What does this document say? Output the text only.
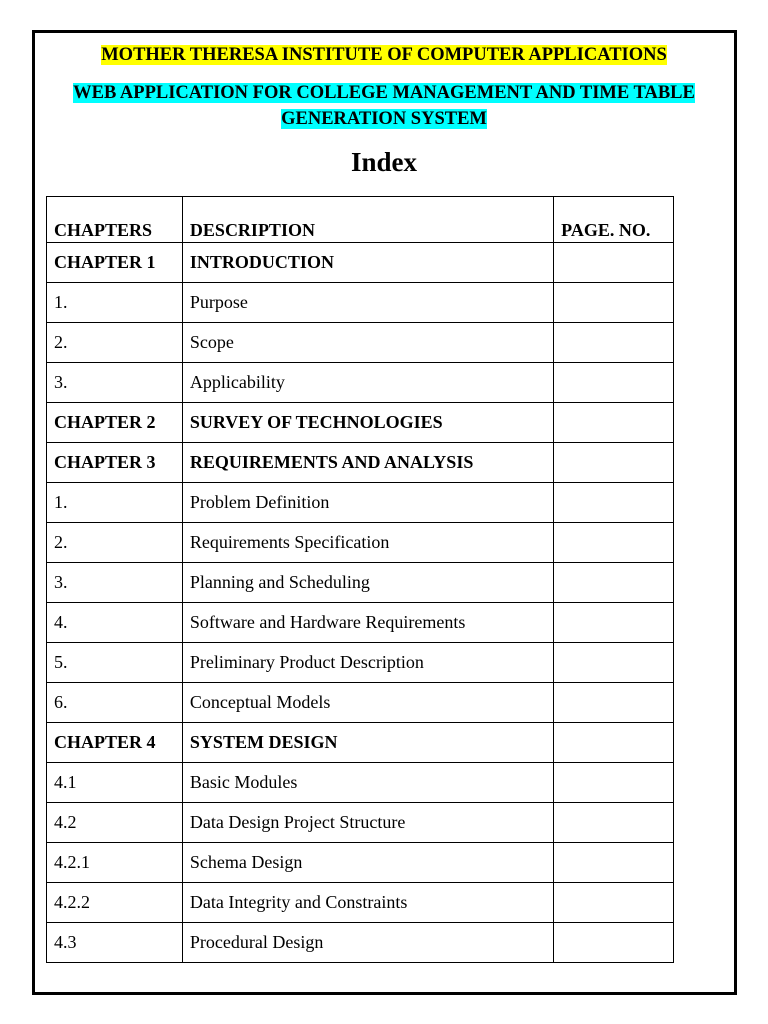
MOTHER THERESA INSTITUTE OF COMPUTER APPLICATIONS
WEB APPLICATION FOR COLLEGE MANAGEMENT AND TIME TABLE GENERATION SYSTEM
Index
CHAPTERS	DESCRIPTION	PAGE. NO.
CHAPTER 1	INTRODUCTION	
1.	Purpose	
2.	Scope	
3.	Applicability	
CHAPTER 2	SURVEY OF TECHNOLOGIES	
CHAPTER 3	REQUIREMENTS AND ANALYSIS	
1.	Problem Definition	
2.	Requirements Specification	
3.	Planning and Scheduling	
4.	Software and Hardware Requirements	
5.	Preliminary Product Description	
6.	Conceptual Models	
CHAPTER 4	SYSTEM DESIGN	
4.1	Basic Modules	
4.2	Data Design Project Structure	
4.2.1	Schema Design	
4.2.2	Data Integrity and Constraints	
4.3	Procedural Design	
